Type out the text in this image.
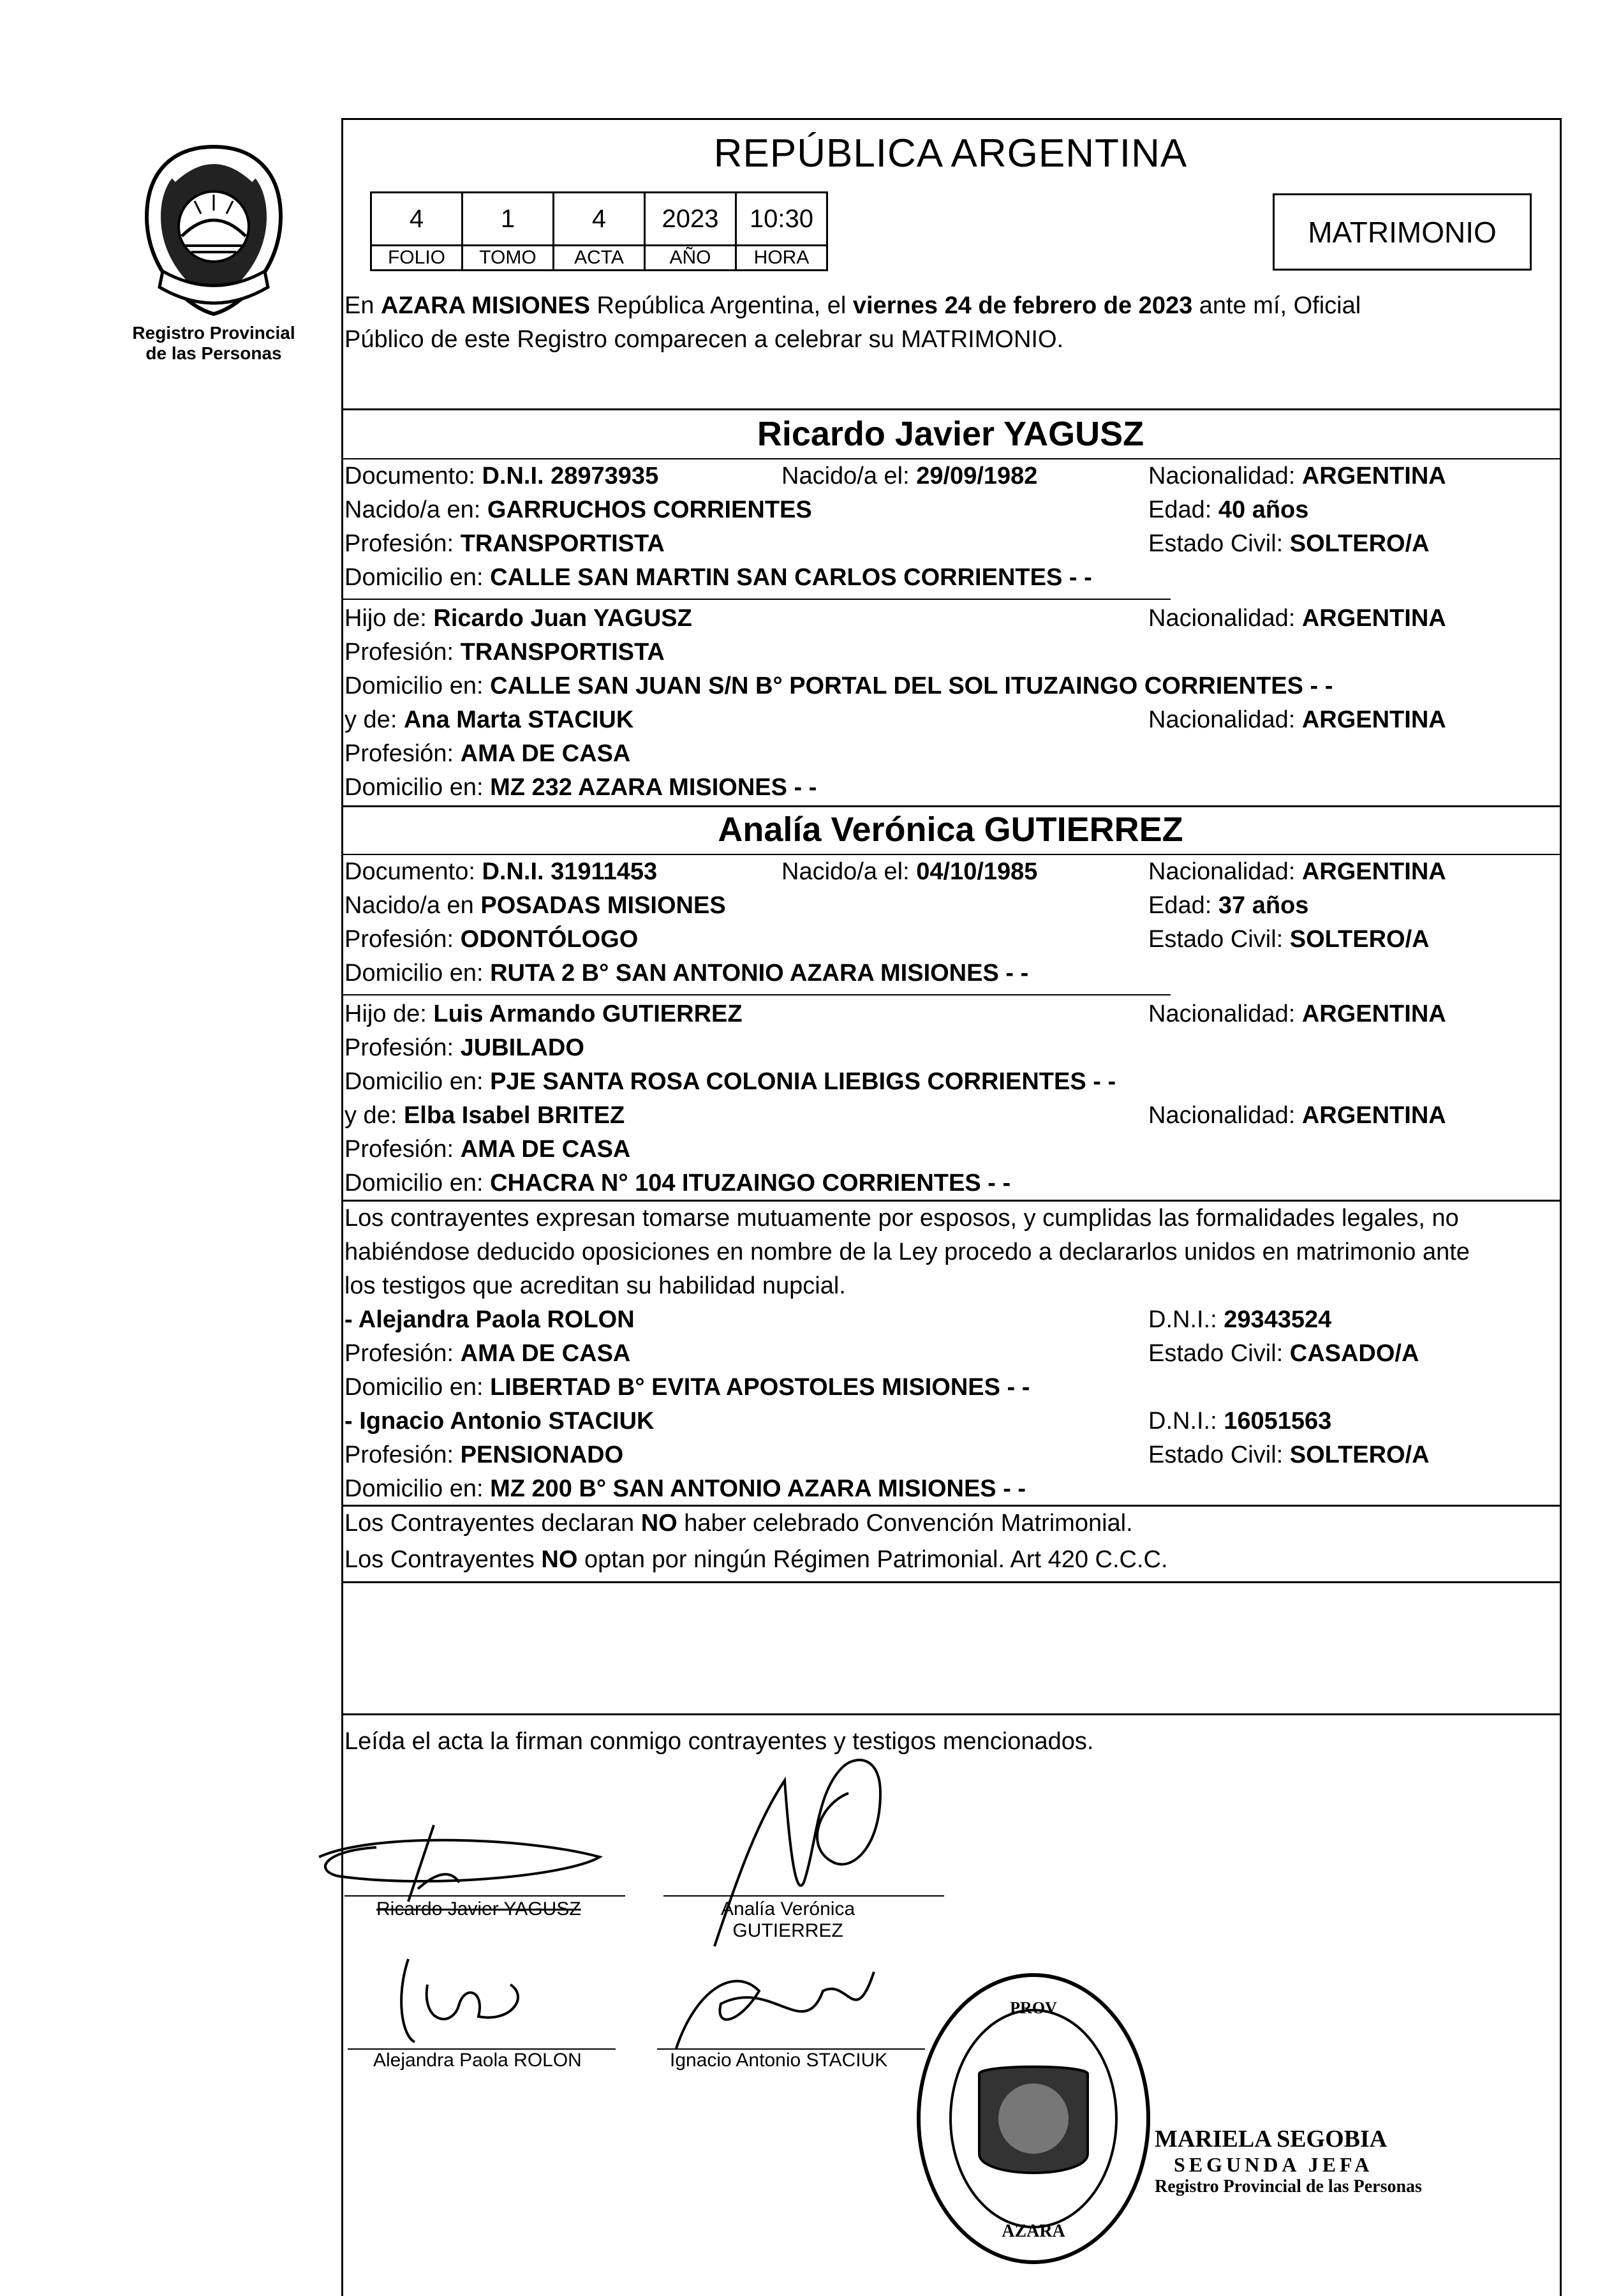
Registro Provincial
de las Personas
REPÚBLICA ARGENTINA
4	1	4	2023	10:30
FOLIO	TOMO	ACTA	AÑO	HORA
MATRIMONIO
En AZARA MISIONES República Argentina, el viernes 24 de febrero de 2023 ante mí, Oficial
Público de este Registro comparecen a celebrar su MATRIMONIO.
Ricardo Javier YAGUSZ
Documento: D.N.I. 28973935	Nacido/a el: 29/09/1982	Nacionalidad: ARGENTINA
Nacido/a en: GARRUCHOS CORRIENTES	Edad: 40 años
Profesión: TRANSPORTISTA	Estado Civil: SOLTERO/A
Domicilio en: CALLE SAN MARTIN SAN CARLOS CORRIENTES - -
Hijo de: Ricardo Juan YAGUSZ	Nacionalidad: ARGENTINA
Profesión: TRANSPORTISTA
Domicilio en: CALLE SAN JUAN S/N B° PORTAL DEL SOL ITUZAINGO CORRIENTES - -
y de: Ana Marta STACIUK	Nacionalidad: ARGENTINA
Profesión: AMA DE CASA
Domicilio en: MZ 232 AZARA MISIONES - -
Analía Verónica GUTIERREZ
Documento: D.N.I. 31911453	Nacido/a el: 04/10/1985	Nacionalidad: ARGENTINA
Nacido/a en POSADAS MISIONES	Edad: 37 años
Profesión: ODONTÓLOGO	Estado Civil: SOLTERO/A
Domicilio en: RUTA 2 B° SAN ANTONIO AZARA MISIONES - -
Hijo de: Luis Armando GUTIERREZ	Nacionalidad: ARGENTINA
Profesión: JUBILADO
Domicilio en: PJE SANTA ROSA COLONIA LIEBIGS CORRIENTES - -
y de: Elba Isabel BRITEZ	Nacionalidad: ARGENTINA
Profesión: AMA DE CASA
Domicilio en: CHACRA N° 104 ITUZAINGO CORRIENTES - -
Los contrayentes expresan tomarse mutuamente por esposos, y cumplidas las formalidades legales, no
habiéndose deducido oposiciones en nombre de la Ley procedo a declararlos unidos en matrimonio ante
los testigos que acreditan su habilidad nupcial.
- Alejandra Paola ROLON	D.N.I.: 29343524
Profesión: AMA DE CASA	Estado Civil: CASADO/A
Domicilio en: LIBERTAD B° EVITA APOSTOLES MISIONES - -
- Ignacio Antonio STACIUK	D.N.I.: 16051563
Profesión: PENSIONADO	Estado Civil: SOLTERO/A
Domicilio en: MZ 200 B° SAN ANTONIO AZARA MISIONES - -
Los Contrayentes declaran NO haber celebrado Convención Matrimonial.
Los Contrayentes NO optan por ningún Régimen Patrimonial. Art 420 C.C.C.
Leída el acta la firman conmigo contrayentes y testigos mencionados.
Ricardo Javier YAGUSZ	Analía Verónica
GUTIERREZ
Alejandra Paola ROLON	Ignacio Antonio STACIUK
PROV
AZARA
MARIELA SEGOBIA
SEGUNDA JEFA
Registro Provincial de las Personas
